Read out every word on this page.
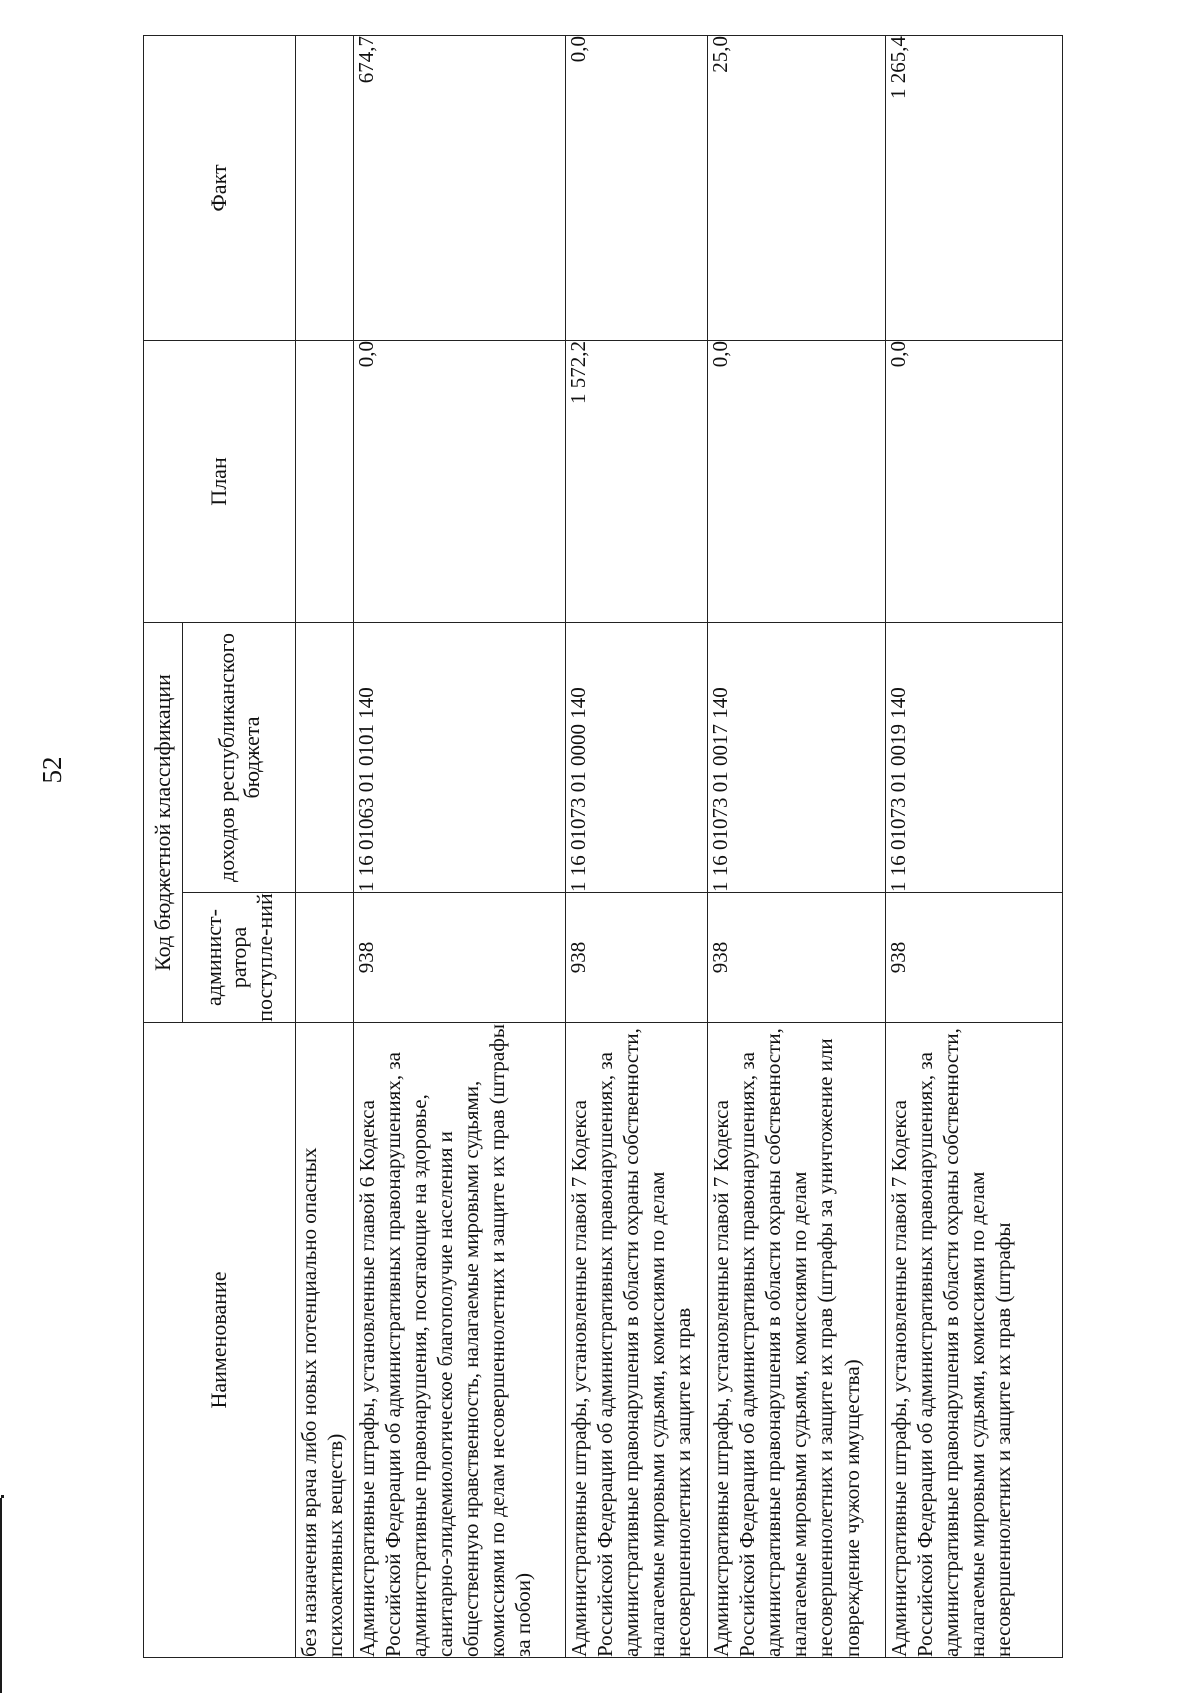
52
Наименование	Код бюджетной классификации		План	Факт
	админист-ратора поступле-ний	доходов республиканского бюджета		
без назначения врача либо новых потенциально опасных психоактивных веществ)				
Административные штрафы, установленные главой 6 Кодекса Российской Федерации об административных правонарушениях, за административные правонарушения, посягающие на здоровье, санитарно-эпидемиологическое благополучие населения и общественную нравственность, налагаемые мировыми судьями, комиссиями по делам несовершеннолетних и защите их прав (штрафы за побои)	938	1 16 01063 01 0101 140	0,0	674,7
Административные штрафы, установленные главой 7 Кодекса Российской Федерации об административных правонарушениях, за административные правонарушения в области охраны собственности, налагаемые мировыми судьями, комиссиями по делам несовершеннолетних и защите их прав	938	1 16 01073 01 0000 140	1 572,2	0,0
Административные штрафы, установленные главой 7 Кодекса Российской Федерации об административных правонарушениях, за административные правонарушения в области охраны собственности, налагаемые мировыми судьями, комиссиями по делам несовершеннолетних и защите их прав (штрафы за уничтожение или повреждение чужого имущества)	938	1 16 01073 01 0017 140	0,0	25,0
Административные штрафы, установленные главой 7 Кодекса Российской Федерации об административных правонарушениях, за административные правонарушения в области охраны собственности, налагаемые мировыми судьями, комиссиями по делам несовершеннолетних и защите их прав (штрафы	938	1 16 01073 01 0019 140	0,0	1 265,4
